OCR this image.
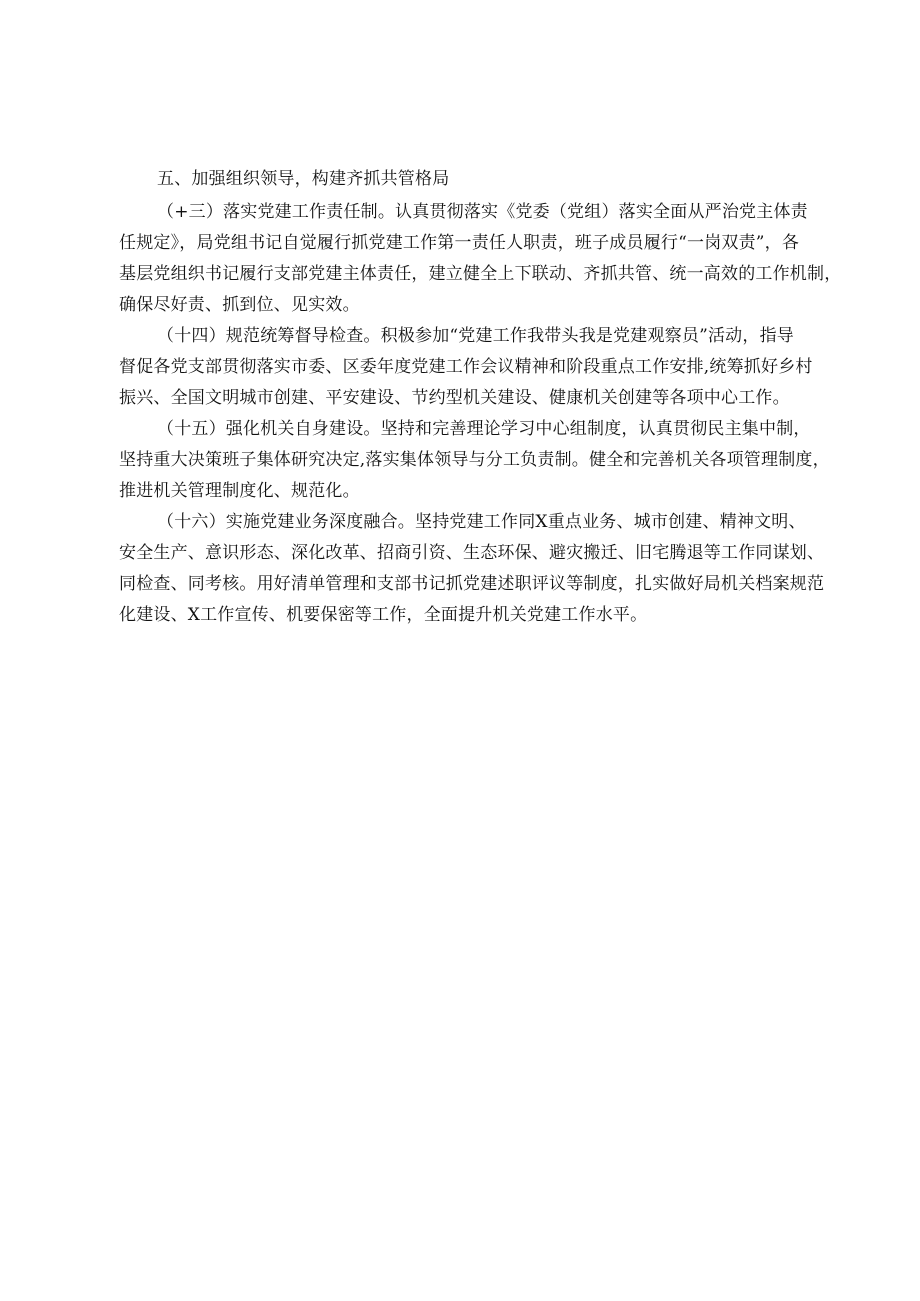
五、加强组织领导，构建齐抓共管格局

（+三）落实党建工作责任制。认真贯彻落实《党委（党组）落实全面从严治党主体责
任规定》，局党组书记自觉履行抓党建工作第一责任人职责，班子成员履行“一岗双责”，各
基层党组织书记履行支部党建主体责任，建立健全上下联动、齐抓共管、统一高效的工作机制，
确保尽好责、抓到位、见实效。

（十四）规范统筹督导检查。积极参加“党建工作我带头我是党建观察员”活动，指导
督促各党支部贯彻落实市委、区委年度党建工作会议精神和阶段重点工作安排,统筹抓好乡村
振兴、全国文明城市创建、平安建设、节约型机关建设、健康机关创建等各项中心工作。

（十五）强化机关自身建设。坚持和完善理论学习中心组制度，认真贯彻民主集中制，
坚持重大决策班子集体研究决定,落实集体领导与分工负责制。健全和完善机关各项管理制度，
推进机关管理制度化、规范化。

（十六）实施党建业务深度融合。坚持党建工作同X重点业务、城市创建、精神文明、
安全生产、意识形态、深化改革、招商引资、生态环保、避灾搬迁、旧宅腾退等工作同谋划、
同检查、同考核。用好清单管理和支部书记抓党建述职评议等制度，扎实做好局机关档案规范
化建设、X工作宣传、机要保密等工作，全面提升机关党建工作水平。
